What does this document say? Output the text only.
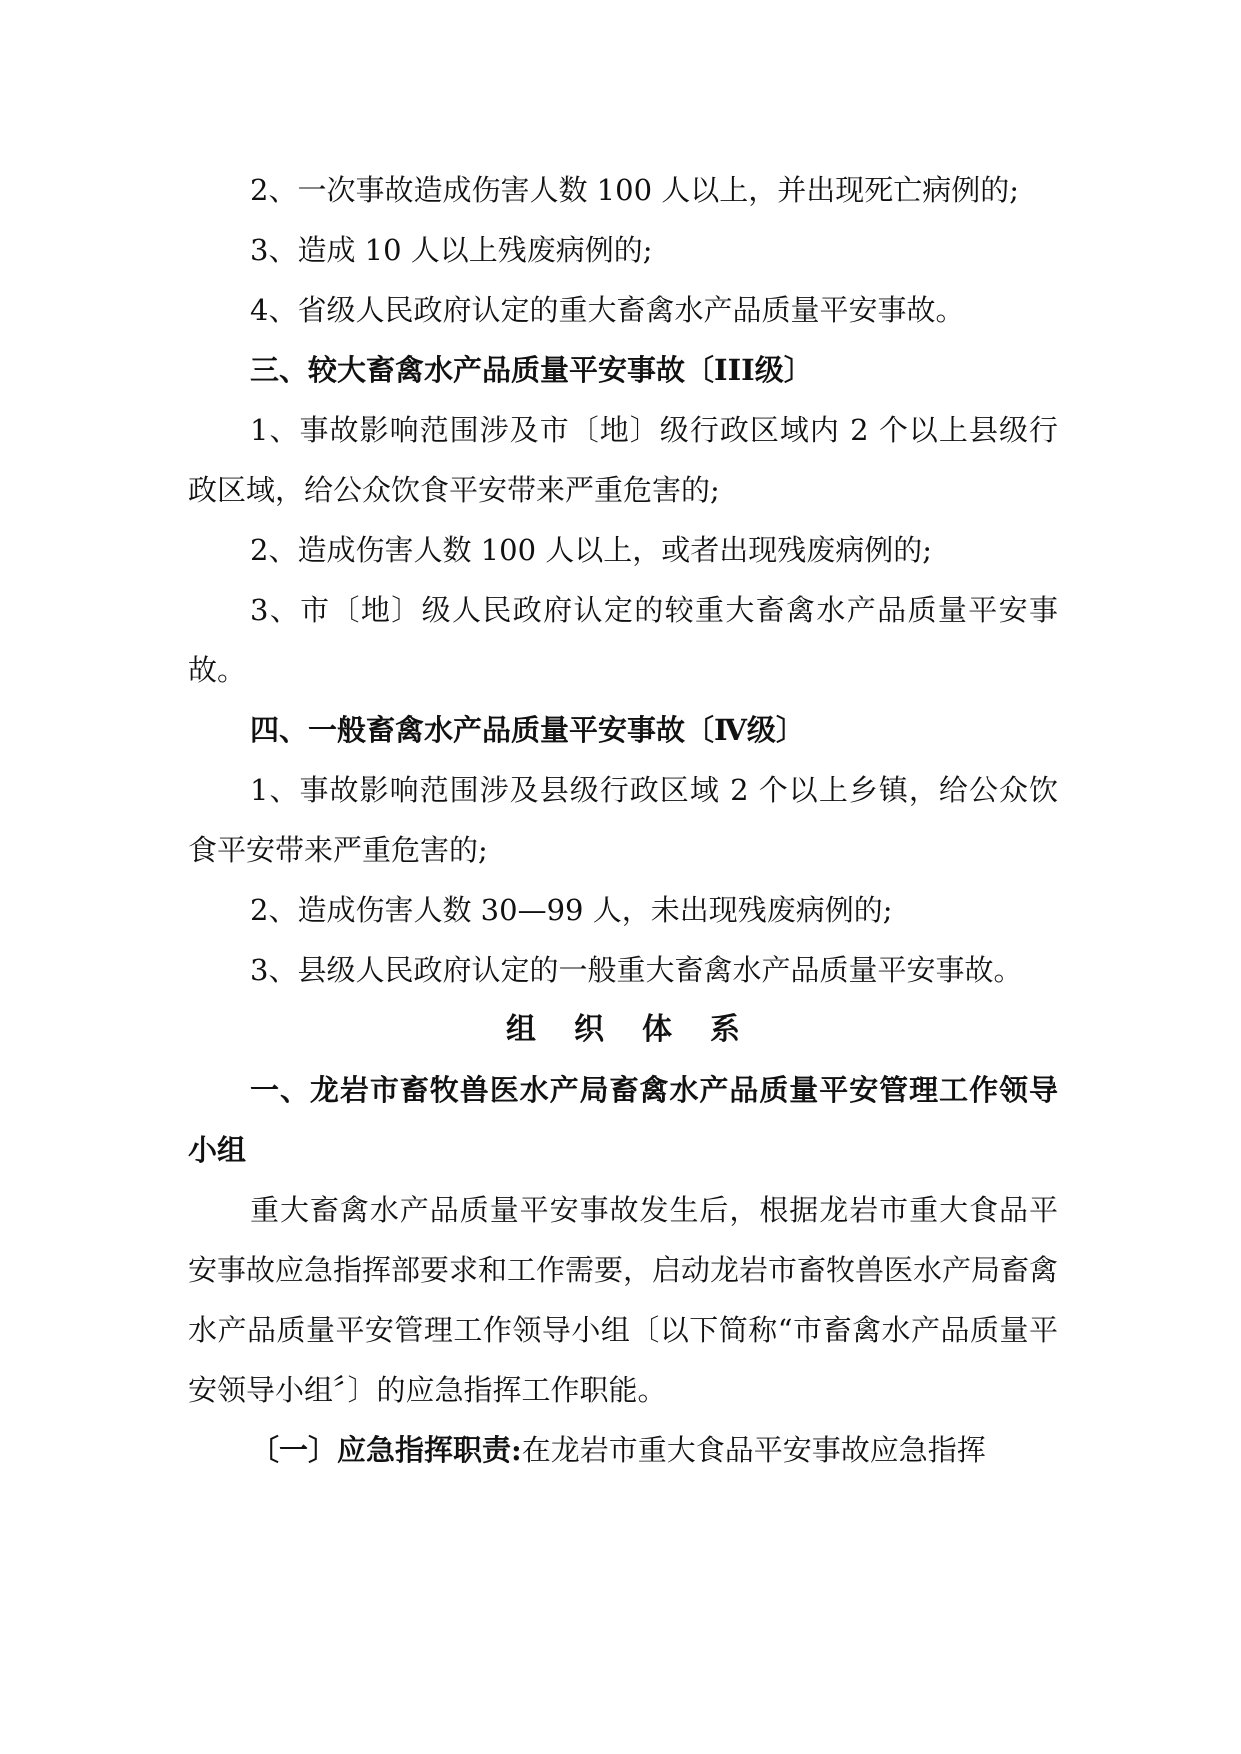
2、一次事故造成伤害人数 100 人以上，并出现死亡病例的;

3、造成 10 人以上残废病例的;

4、省级人民政府认定的重大畜禽水产品质量平安事故。

三、较大畜禽水产品质量平安事故〔III级〕

1、事故影响范围涉及市〔地〕级行政区域内 2 个以上县级行政区域，给公众饮食平安带来严重危害的;

2、造成伤害人数 100 人以上，或者出现残废病例的;

3、市〔地〕级人民政府认定的较重大畜禽水产品质量平安事故。

四、一般畜禽水产品质量平安事故〔Ⅳ级〕

1、事故影响范围涉及县级行政区域 2 个以上乡镇，给公众饮食平安带来严重危害的;

2、造成伤害人数 30—99 人，未出现残废病例的;

3、县级人民政府认定的一般重大畜禽水产品质量平安事故。

组织体系

一、龙岩市畜牧兽医水产局畜禽水产品质量平安管理工作领导小组

重大畜禽水产品质量平安事故发生后，根据龙岩市重大食品平安事故应急指挥部要求和工作需要，启动龙岩市畜牧兽医水产局畜禽水产品质量平安管理工作领导小组〔以下简称“市畜禽水产品质量平安领导小组〞〕的应急指挥工作职能。

〔一〕应急指挥职责:在龙岩市重大食品平安事故应急指挥
